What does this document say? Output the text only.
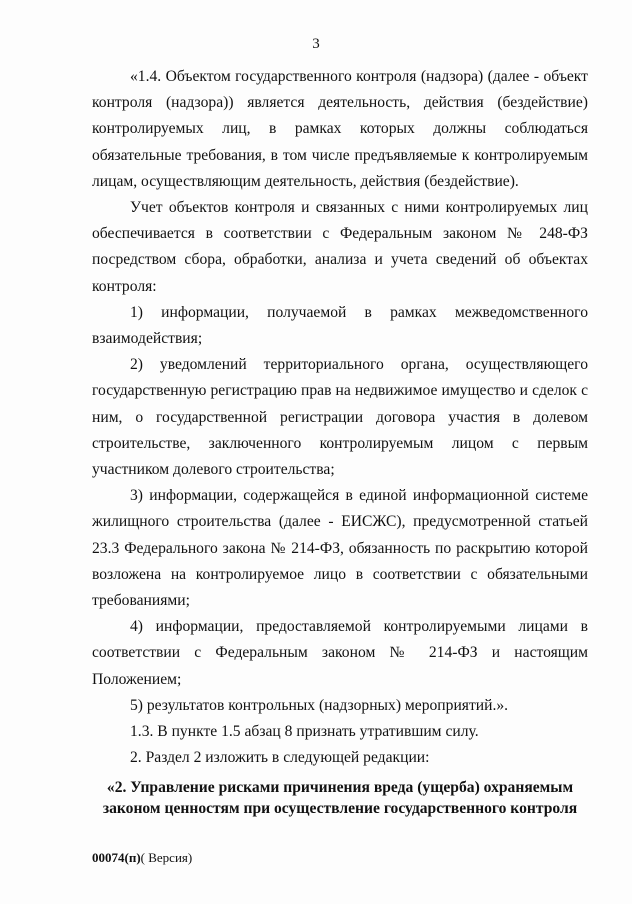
3

«1.4. Объектом государственного контроля (надзора) (далее - объект контроля (надзора)) является деятельность, действия (бездействие) контролируемых лиц, в рамках которых должны соблюдаться обязательные требования, в том числе предъявляемые к контролируемым лицам, осуществляющим деятельность, действия (бездействие).

Учет объектов контроля и связанных с ними контролируемых лиц обеспечивается в соответствии с Федеральным законом № 248-ФЗ посредством сбора, обработки, анализа и учета сведений об объектах контроля:

1) информации, получаемой в рамках межведомственного взаимодействия;

2) уведомлений территориального органа, осуществляющего государственную регистрацию прав на недвижимое имущество и сделок с ним, о государственной регистрации договора участия в долевом строительстве, заключенного контролируемым лицом с первым участником долевого строительства;

3) информации, содержащейся в единой информационной системе жилищного строительства (далее - ЕИСЖС), предусмотренной статьей 23.3 Федерального закона № 214-ФЗ, обязанность по раскрытию которой возложена на контролируемое лицо в соответствии с обязательными требованиями;

4) информации, предоставляемой контролируемыми лицами в соответствии с Федеральным законом № 214-ФЗ и настоящим Положением;

5) результатов контрольных (надзорных) мероприятий.».

1.3. В пункте 1.5 абзац 8 признать утратившим силу.

2. Раздел 2 изложить в следующей редакции:

«2. Управление рисками причинения вреда (ущерба) охраняемым законом ценностям при осуществление государственного контроля
00074(п)( Версия)
